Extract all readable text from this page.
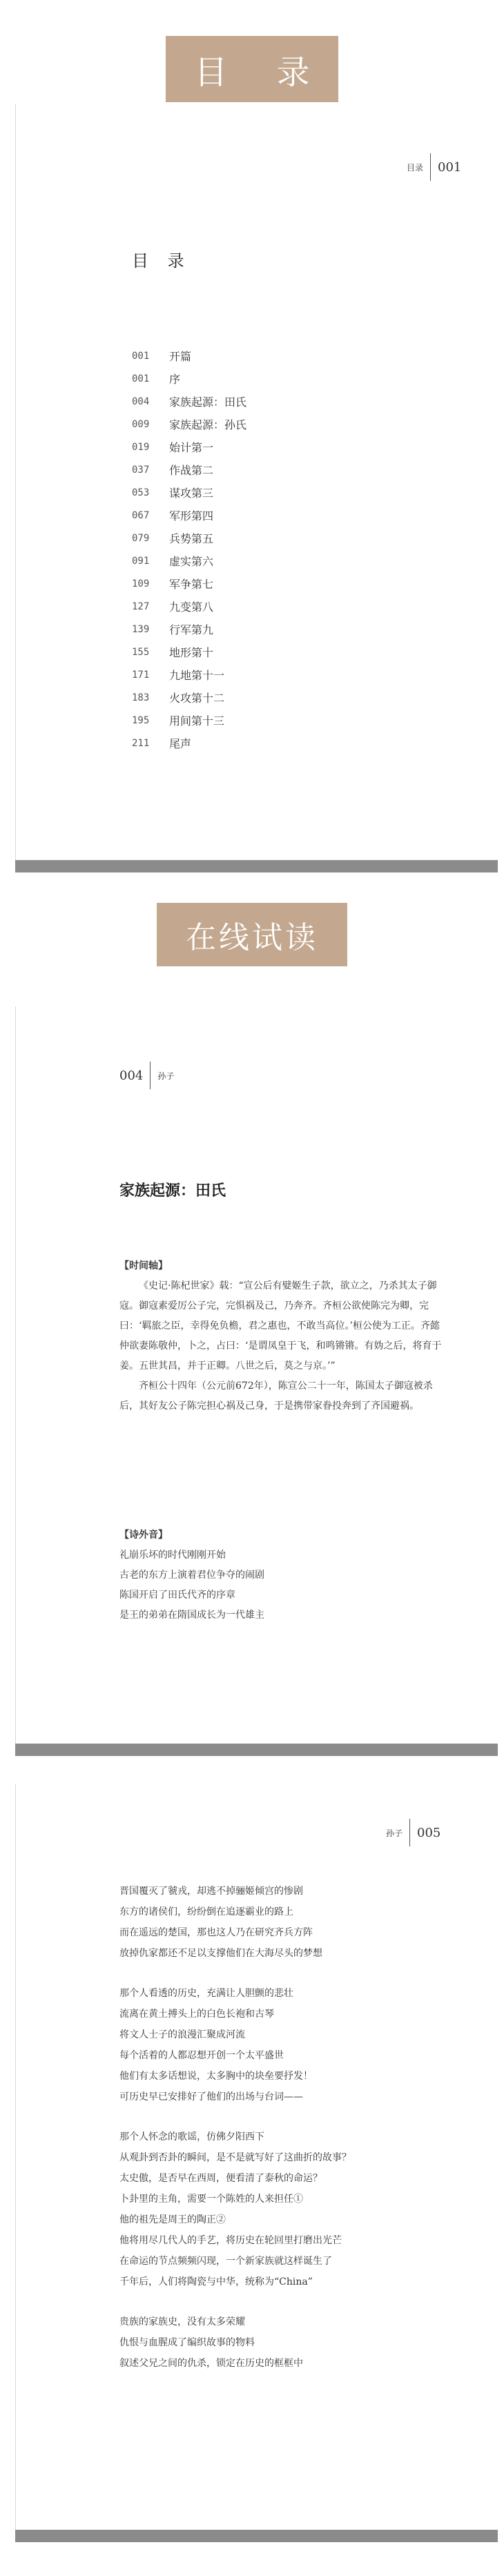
目 录
目录 001
目 录
001	开篇
001	序
004	家族起源：田氏
009	家族起源：孙氏
019	始计第一
037	作战第二
053	谋攻第三
067	军形第四
079	兵势第五
091	虚实第六
109	军争第七
127	九变第八
139	行军第九
155	地形第十
171	九地第十一
183	火攻第十二
195	用间第十三
211	尾声
在线试读
004 孙子
家族起源：田氏
【时间轴】
《史记·陈杞世家》载：“宣公后有嬖姬生子款，欲立之，乃杀其太子御寇。御寇素爱厉公子完，完惧祸及己，乃奔齐。齐桓公欲使陈完为卿，完曰：‘羁旅之臣，幸得免负檐，君之惠也，不敢当高位。’桓公使为工正。齐懿仲欲妻陈敬仲，卜之，占曰：‘是谓凤皇于飞，和鸣锵锵。有妫之后，将育于姜。五世其昌，并于正卿。八世之后，莫之与京。’”
齐桓公十四年（公元前672年），陈宣公二十一年，陈国太子御寇被杀后，其好友公子陈完担心祸及己身，于是携带家眷投奔到了齐国避祸。
【诗外音】

礼崩乐坏的时代刚刚开始

古老的东方上演着君位争夺的闹剧

陈国开启了田氏代齐的序章

是王的弟弟在隋国成长为一代雄主

孙子 005

晋国覆灭了虢戎，却逃不掉骊姬倾宫的惨剧

东方的诸侯们，纷纷倒在追逐霸业的路上

而在遥远的楚国，那也这人乃在研究齐兵方阵

放掉仇家都还不足以支撑他们在大海尽头的梦想

那个人看透的历史，充满让人胆颤的悲壮

流离在黄土搏头上的白色长袍和古琴

将文人士子的浪漫汇聚成河流

每个活着的人都忍想开创一个太平盛世

他们有太多话想说，太多胸中的块垒要抒发！

可历史早已安排好了他们的出场与台词——

那个人怀念的歌谣，仿佛夕阳西下

从观卦到否卦的瞬间，是不是就写好了这曲折的故事？

太史傲，是否早在西周，便看清了泰秋的命运？

卜卦里的主角，需要一个陈姓的人来担任①

他的祖先是周王的陶正②

他将用尽几代人的手艺，将历史在轮回里打磨出光芒

在命运的节点频频闪现，一个新家族就这样诞生了

千年后，人们将陶瓷与中华，统称为“China”

贵族的家族史，没有太多荣耀

仇恨与血腥成了编织故事的物料

叙述父兄之间的仇杀，锁定在历史的框框中
